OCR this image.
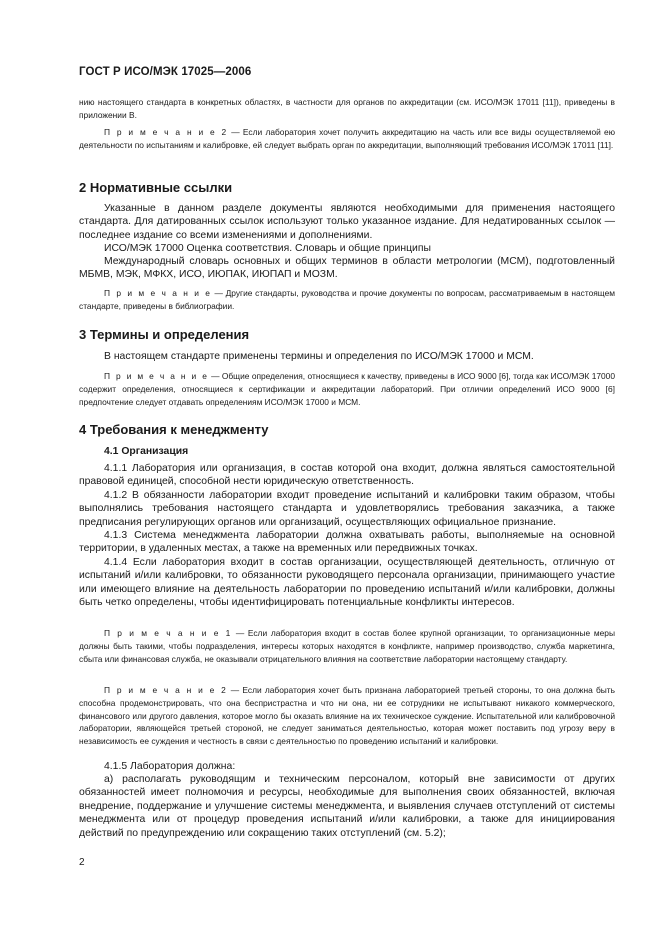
ГОСТ Р ИСО/МЭК 17025—2006

нию настоящего стандарта в конкретных областях, в частности для органов по аккредитации (см. ИСО/МЭК 17011 [11]), приведены в приложении В.

П р и м е ч а н и е 2 — Если лаборатория хочет получить аккредитацию на часть или все виды осуществляемой ею деятельности по испытаниям и калибровке, ей следует выбрать орган по аккредитации, выполняющий требования ИСО/МЭК 17011 [11].

2 Нормативные ссылки

Указанные в данном разделе документы являются необходимыми для применения настоящего стандарта. Для датированных ссылок используют только указанное издание. Для недатированных ссылок — последнее издание со всеми изменениями и дополнениями.

ИСО/МЭК 17000 Оценка соответствия. Словарь и общие принципы

Международный словарь основных и общих терминов в области метрологии (МСМ), подготовленный МБМВ, МЭК, МФКХ, ИСО, ИЮПАК, ИЮПАП и МОЗМ.

П р и м е ч а н и е — Другие стандарты, руководства и прочие документы по вопросам, рассматриваемым в настоящем стандарте, приведены в библиографии.

3 Термины и определения

В настоящем стандарте применены термины и определения по ИСО/МЭК 17000 и МСМ.

П р и м е ч а н и е — Общие определения, относящиеся к качеству, приведены в ИСО 9000 [6], тогда как ИСО/МЭК 17000 содержит определения, относящиеся к сертификации и аккредитации лабораторий. При отличии определений ИСО 9000 [6] предпочтение следует отдавать определениям ИСО/МЭК 17000 и МСМ.

4 Требования к менеджменту
4.1 Организация

4.1.1 Лаборатория или организация, в состав которой она входит, должна являться самостоятельной правовой единицей, способной нести юридическую ответственность.

4.1.2 В обязанности лаборатории входит проведение испытаний и калибровки таким образом, чтобы выполнялись требования настоящего стандарта и удовлетворялись требования заказчика, а также предписания регулирующих органов или организаций, осуществляющих официальное признание.

4.1.3 Система менеджмента лаборатории должна охватывать работы, выполняемые на основной территории, в удаленных местах, а также на временных или передвижных точках.

4.1.4 Если лаборатория входит в состав организации, осуществляющей деятельность, отличную от испытаний и/или калибровки, то обязанности руководящего персонала организации, принимающего участие или имеющего влияние на деятельность лаборатории по проведению испытаний и/или калибровки, должны быть четко определены, чтобы идентифицировать потенциальные конфликты интересов.

П р и м е ч а н и е 1 — Если лаборатория входит в состав более крупной организации, то организационные меры должны быть такими, чтобы подразделения, интересы которых находятся в конфликте, например производство, служба маркетинга, сбыта или финансовая служба, не оказывали отрицательного влияния на соответствие лаборатории настоящему стандарту.

П р и м е ч а н и е 2 — Если лаборатория хочет быть признана лабораторией третьей стороны, то она должна быть способна продемонстрировать, что она беспристрастна и что ни она, ни ее сотрудники не испытывают никакого коммерческого, финансового или другого давления, которое могло бы оказать влияние на их техническое суждение. Испытательной или калибровочной лаборатории, являющейся третьей стороной, не следует заниматься деятельностью, которая может поставить под угрозу веру в независимость ее суждения и честность в связи с деятельностью по проведению испытаний и калибровки.

4.1.5 Лаборатория должна:

а) располагать руководящим и техническим персоналом, который вне зависимости от других обязанностей имеет полномочия и ресурсы, необходимые для выполнения своих обязанностей, включая внедрение, поддержание и улучшение системы менеджмента, и выявления случаев отступлений от системы менеджмента или от процедур проведения испытаний и/или калибровки, а также для инициирования действий по предупреждению или сокращению таких отступлений (см. 5.2);

2
